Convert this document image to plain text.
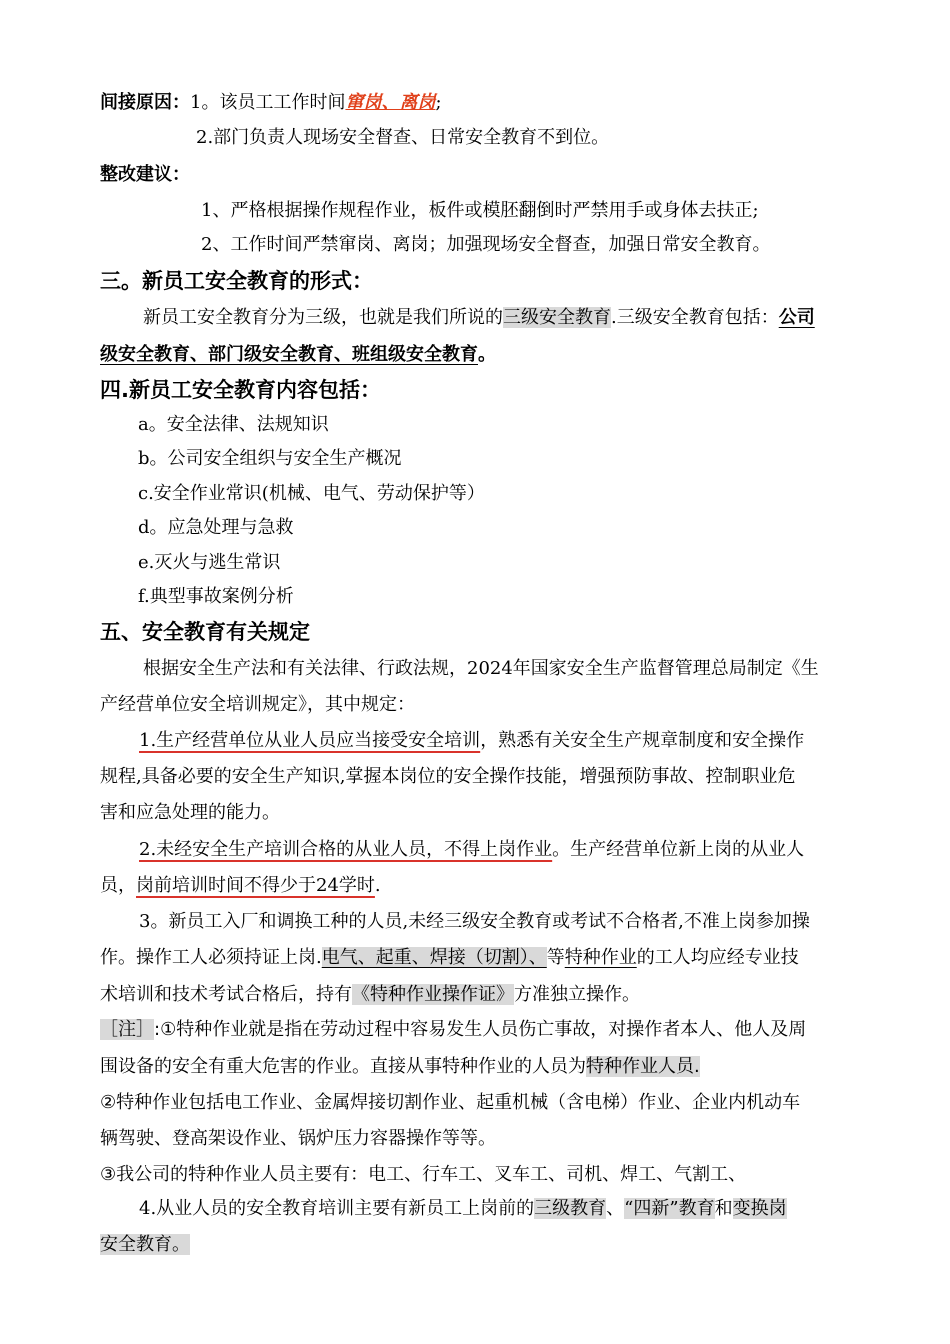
间接原因：1。该员工工作时间窜岗、离岗;
2.部门负责人现场安全督查、日常安全教育不到位。
整改建议：
1、严格根据操作规程作业，板件或模胚翻倒时严禁用手或身体去扶正;
2、工作时间严禁窜岗、离岗；加强现场安全督查，加强日常安全教育。
三。新员工安全教育的形式：
新员工安全教育分为三级，也就是我们所说的三级安全教育.三级安全教育包括：公司
级安全教育、部门级安全教育、班组级安全教育。
四.新员工安全教育内容包括：
a。安全法律、法规知识
b。公司安全组织与安全生产概况
c.安全作业常识(机械、电气、劳动保护等）
d。应急处理与急救
e.灭火与逃生常识
f.典型事故案例分析
五、安全教育有关规定
根据安全生产法和有关法律、行政法规，2024年国家安全生产监督管理总局制定《生
产经营单位安全培训规定》，其中规定：
1.生产经营单位从业人员应当接受安全培训，熟悉有关安全生产规章制度和安全操作
规程,具备必要的安全生产知识,掌握本岗位的安全操作技能，增强预防事故、控制职业危
害和应急处理的能力。
2.未经安全生产培训合格的从业人员，不得上岗作业。生产经营单位新上岗的从业人
员，岗前培训时间不得少于24学时.
3。新员工入厂和调换工种的人员,未经三级安全教育或考试不合格者,不准上岗参加操
作。操作工人必须持证上岗.电气、起重、焊接（切割）、等特种作业的工人均应经专业技
术培训和技术考试合格后，持有《特种作业操作证》方准独立操作。
［注］:①特种作业就是指在劳动过程中容易发生人员伤亡事故，对操作者本人、他人及周
围设备的安全有重大危害的作业。直接从事特种作业的人员为特种作业人员.
②特种作业包括电工作业、金属焊接切割作业、起重机械（含电梯）作业、企业内机动车
辆驾驶、登高架设作业、锅炉压力容器操作等等。
③我公司的特种作业人员主要有：电工、行车工、叉车工、司机、焊工、气割工、
4.从业人员的安全教育培训主要有新员工上岗前的三级教育、“四新”教育和变换岗
安全教育。
